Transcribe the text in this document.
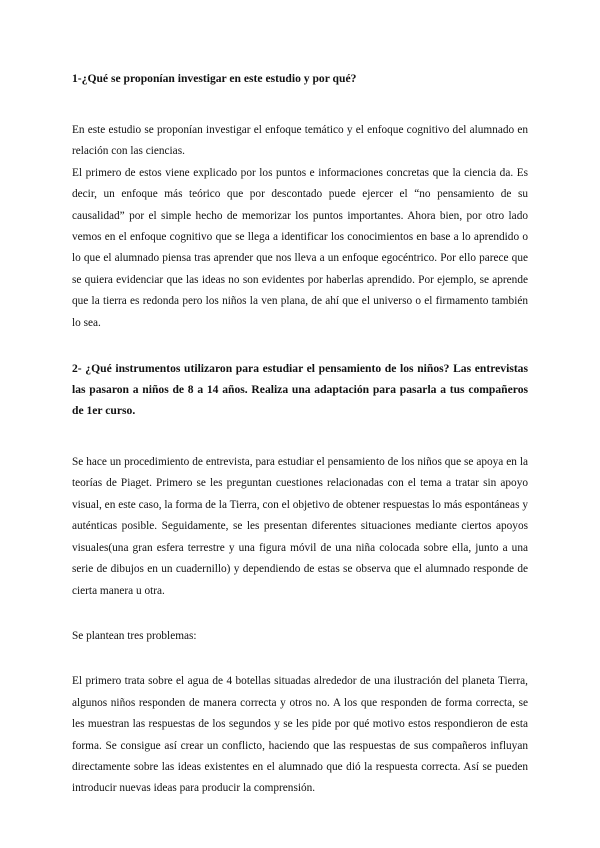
1-¿Qué se proponían investigar en este estudio y por qué?

En este estudio se proponían investigar el enfoque temático y el enfoque cognitivo del alumnado en relación con las ciencias.

El primero de estos viene explicado por los puntos e informaciones concretas que la ciencia da. Es decir, un enfoque más teórico que por descontado puede ejercer el “no pensamiento de su causalidad” por el simple hecho de memorizar los puntos importantes. Ahora bien, por otro lado vemos en el enfoque cognitivo que se llega a identificar los conocimientos en base a lo aprendido o lo que el alumnado piensa tras aprender que nos lleva a un enfoque egocéntrico. Por ello parece que se quiera evidenciar que las ideas no son evidentes por haberlas aprendido. Por ejemplo, se aprende que la tierra es redonda pero los niños la ven plana, de ahí que el universo o el firmamento también lo sea.

2- ¿Qué instrumentos utilizaron para estudiar el pensamiento de los niños? Las entrevistas las pasaron a niños de 8 a 14 años. Realiza una adaptación para pasarla a tus compañeros de 1er curso.

Se hace un procedimiento de entrevista, para estudiar el pensamiento de los niños que se apoya en la teorías de Piaget. Primero se les preguntan cuestiones relacionadas con el tema a tratar sin apoyo visual, en este caso, la forma de la Tierra, con el objetivo de obtener respuestas lo más espontáneas y auténticas posible. Seguidamente, se les presentan diferentes situaciones mediante ciertos apoyos visuales(una gran esfera terrestre y una figura móvil de una niña colocada sobre ella, junto a una serie de dibujos en un cuadernillo) y dependiendo de estas se observa que el alumnado responde de cierta manera u otra.

Se plantean tres problemas:

El primero trata sobre el agua de 4 botellas situadas alrededor de una ilustración del planeta Tierra, algunos niños responden de manera correcta y otros no. A los que responden de forma correcta, se les muestran las respuestas de los segundos y se les pide por qué motivo estos respondieron de esta forma. Se consigue así crear un conflicto, haciendo que las respuestas de sus compañeros influyan directamente sobre las ideas existentes en el alumnado que dió la respuesta correcta. Así se pueden introducir nuevas ideas para producir la comprensión.
